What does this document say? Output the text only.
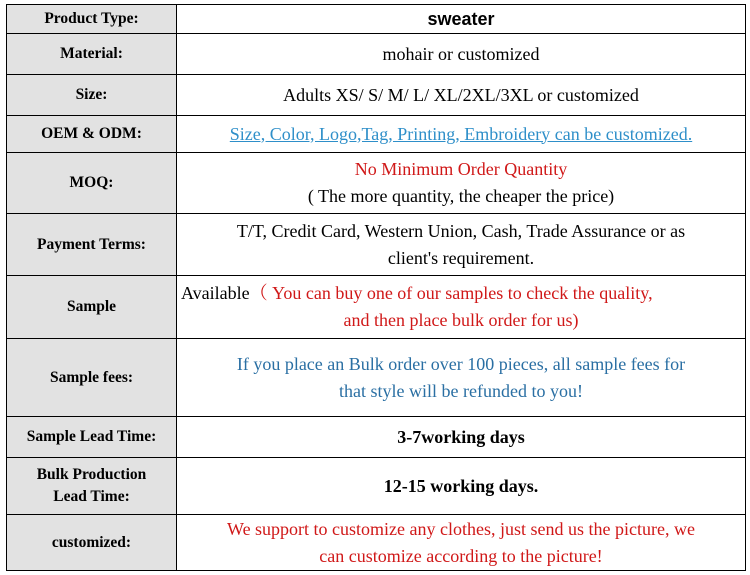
Product Type:	sweater
Material:	mohair or customized
Size:	Adults XS/ S/ M/ L/ XL/2XL/3XL or customized
OEM & ODM:	Size, Color, Logo,Tag, Printing, Embroidery can be customized.
MOQ:	No Minimum Order Quantity
( The more quantity, the cheaper the price)

Payment Terms:	T/T, Credit Card, Western Union, Cash, Trade Assurance or as
client's requirement.

Sample	Available（ You can buy one of our samples to check the quality,
and then place bulk order for us)

Sample fees:	If you place an Bulk order over 100 pieces, all sample fees for
that style will be refunded to you!

Sample Lead Time:	3-7working days

Bulk Production
Lead Time:	12-15 working days.
customized:	We support to customize any clothes, just send us the picture, we
can customize according to the picture!
